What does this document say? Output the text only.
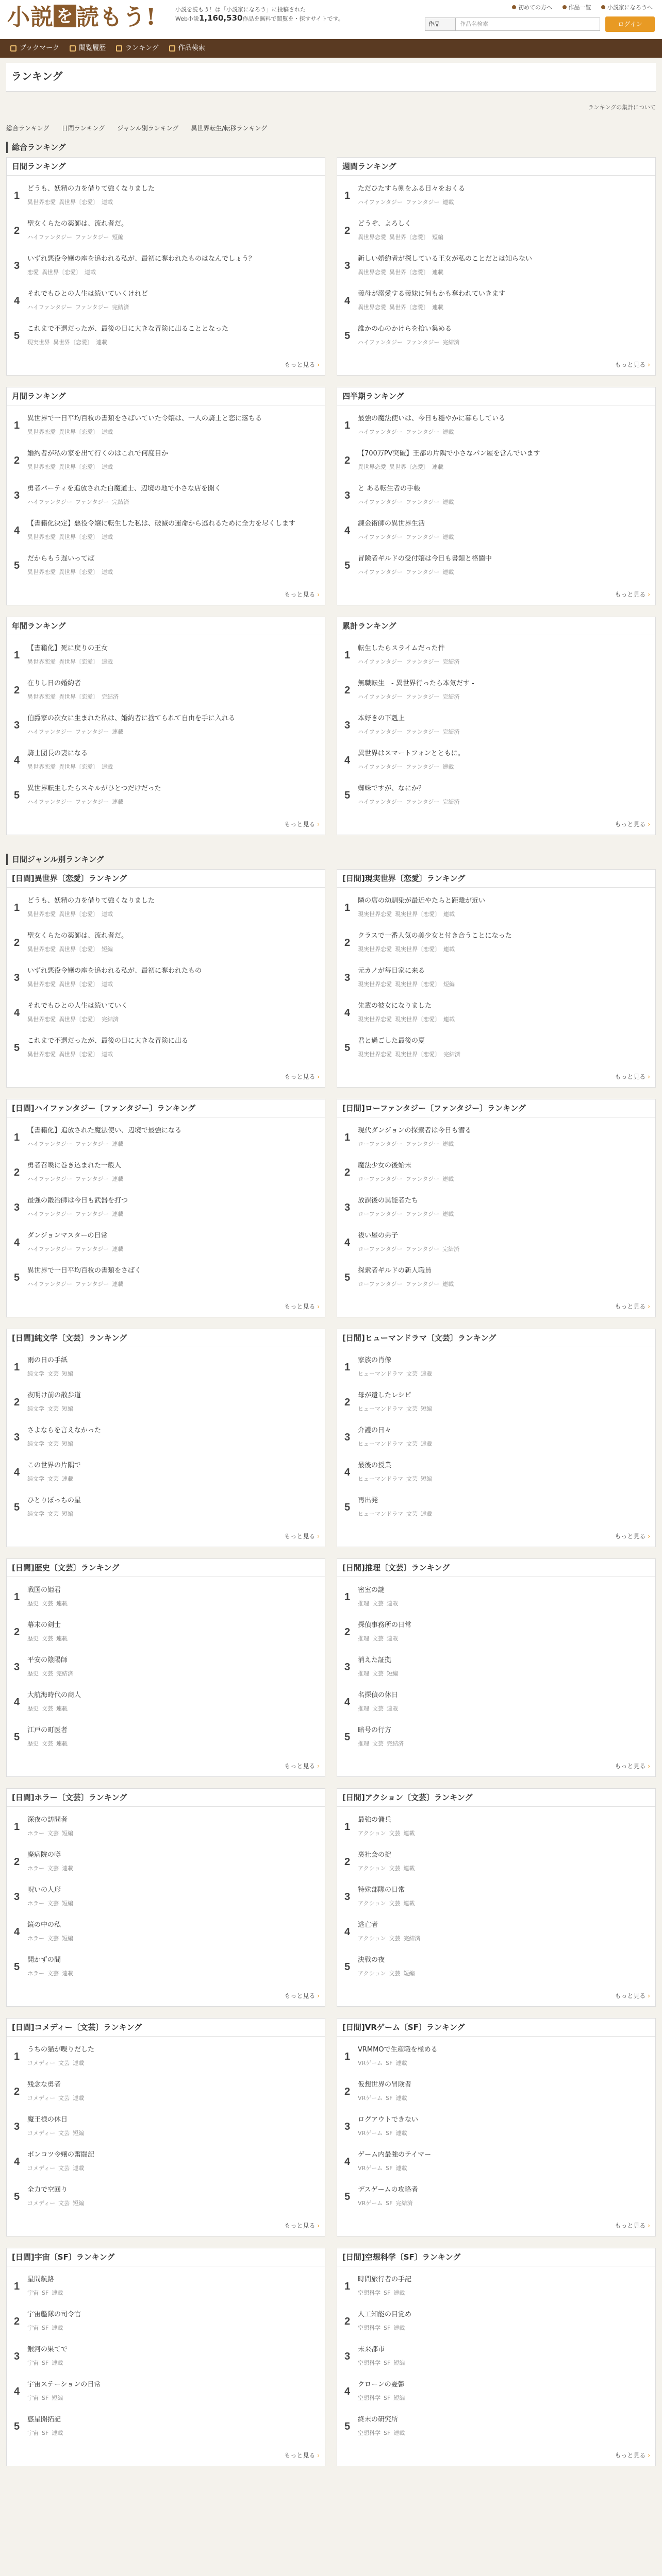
小説 を 読もう!	小説を読もう！は「小説家になろう」に投稿された
Web小説1,160,530作品を無料で閲覧を・探すサイトです。
初めての方へ	作品一覧	小説家になろうへ
作品	作品名検索	ログイン
ブックマーク	閲覧履歴	ランキング	作品検索
ランキング
ランキングの集計について
総合ランキング 日間ランキング ジャンル別ランキング 異世界転生/転移ランキング
総合ランキング
日間ランキング
1
どうも、妖精の力を借りて強くなりました
異世界恋愛 異世界〔恋愛〕 連載
2
聖女くらたの薬師は、流れ者だ。
ハイファンタジー ファンタジー 短編
3
いずれ悪役令嬢の座を追われる私が、最初に奪われたものはなんでしょう？
恋愛 異世界〔恋愛〕 連載
4
それでもひとの人生は続いていくけれど
ハイファンタジー ファンタジー 完結済
5
これまで不遇だったが、最後の日に大きな冒険に出ることとなった
現実世界 異世界〔恋愛〕 連載
もっと見る ›
週間ランキング
1
ただひたすら剣をふる日々をおくる
ハイファンタジー ファンタジー 連載
2
どうぞ、よろしく
異世界恋愛 異世界〔恋愛〕 短編
3
新しい婚約者が探している王女が私のことだとは知らない
異世界恋愛 異世界〔恋愛〕 連載
4
義母が溺愛する義妹に何もかも奪われていきます
異世界恋愛 異世界〔恋愛〕 連載
5
誰かの心のかけらを拾い集める
ハイファンタジー ファンタジー 完結済
もっと見る ›
月間ランキング
1
異世界で一日平均百枚の書類をさばいていた令嬢は、一人の騎士と恋に落ちる
異世界恋愛 異世界〔恋愛〕 連載
2
婚約者が私の家を出て行くのはこれで何度目か
異世界恋愛 異世界〔恋愛〕 連載
3
勇者パーティを追放された白魔道士、辺境の地で小さな店を開く
ハイファンタジー ファンタジー 完結済
4
【書籍化決定】悪役令嬢に転生した私は、破滅の運命から逃れるために全力を尽くします
異世界恋愛 異世界〔恋愛〕 連載
5
だからもう遅いってば
異世界恋愛 異世界〔恋愛〕 連載
もっと見る ›
四半期ランキング
1
最強の魔法使いは、今日も穏やかに暮らしている
ハイファンタジー ファンタジー 連載
2
【700万PV突破】王都の片隅で小さなパン屋を営んでいます
異世界恋愛 異世界〔恋愛〕 連載
3
と ある転生者の手帳
ハイファンタジー ファンタジー 連載
4
錬金術師の異世界生活
ハイファンタジー ファンタジー 連載
5
冒険者ギルドの受付嬢は今日も書類と格闘中
ハイファンタジー ファンタジー 連載
もっと見る ›
年間ランキング
1
【書籍化】死に戻りの王女
異世界恋愛 異世界〔恋愛〕 連載
2
在りし日の婚約者
異世界恋愛 異世界〔恋愛〕 完結済
3
伯爵家の次女に生まれた私は、婚約者に捨てられて自由を手に入れる
ハイファンタジー ファンタジー 連載
4
騎士団長の妻になる
異世界恋愛 異世界〔恋愛〕 連載
5
異世界転生したらスキルがひとつだけだった
ハイファンタジー ファンタジー 連載
もっと見る ›
累計ランキング
1
転生したらスライムだった件
ハイファンタジー ファンタジー 完結済
2
無職転生　- 異世界行ったら本気だす -
ハイファンタジー ファンタジー 完結済
3
本好きの下剋上
ハイファンタジー ファンタジー 完結済
4
異世界はスマートフォンとともに。
ハイファンタジー ファンタジー 連載
5
蜘蛛ですが、なにか？
ハイファンタジー ファンタジー 完結済
もっと見る ›
日間ジャンル別ランキング
[日間]異世界〔恋愛〕ランキング
1
どうも、妖精の力を借りて強くなりました
異世界恋愛 異世界〔恋愛〕 連載
2
聖女くらたの薬師は、流れ者だ。
異世界恋愛 異世界〔恋愛〕 短編
3
いずれ悪役令嬢の座を追われる私が、最初に奪われたもの
異世界恋愛 異世界〔恋愛〕 連載
4
それでもひとの人生は続いていく
異世界恋愛 異世界〔恋愛〕 完結済
5
これまで不遇だったが、最後の日に大きな冒険に出る
異世界恋愛 異世界〔恋愛〕 連載
もっと見る ›
[日間]現実世界〔恋愛〕ランキング
1
隣の席の幼馴染が最近やたらと距離が近い
現実世界恋愛 現実世界〔恋愛〕 連載
2
クラスで一番人気の美少女と付き合うことになった
現実世界恋愛 現実世界〔恋愛〕 連載
3
元カノが毎日家に来る
現実世界恋愛 現実世界〔恋愛〕 短編
4
先輩の彼女になりました
現実世界恋愛 現実世界〔恋愛〕 連載
5
君と過ごした最後の夏
現実世界恋愛 現実世界〔恋愛〕 完結済
もっと見る ›
[日間]ハイファンタジー〔ファンタジー〕ランキング
1
【書籍化】追放された魔法使い、辺境で最強になる
ハイファンタジー ファンタジー 連載
2
勇者召喚に巻き込まれた一般人
ハイファンタジー ファンタジー 連載
3
最強の鍛冶師は今日も武器を打つ
ハイファンタジー ファンタジー 連載
4
ダンジョンマスターの日常
ハイファンタジー ファンタジー 連載
5
異世界で一日平均百枚の書類をさばく
ハイファンタジー ファンタジー 連載
もっと見る ›
[日間]ローファンタジー〔ファンタジー〕ランキング
1
現代ダンジョンの探索者は今日も潜る
ローファンタジー ファンタジー 連載
2
魔法少女の後始末
ローファンタジー ファンタジー 連載
3
放課後の異能者たち
ローファンタジー ファンタジー 連載
4
祓い屋の弟子
ローファンタジー ファンタジー 完結済
5
探索者ギルドの新人職員
ローファンタジー ファンタジー 連載
もっと見る ›
[日間]純文学〔文芸〕ランキング
1
雨の日の手紙
純文学 文芸 短編
2
夜明け前の散歩道
純文学 文芸 短編
3
さよならを言えなかった
純文学 文芸 短編
4
この世界の片隅で
純文学 文芸 連載
5
ひとりぼっちの星
純文学 文芸 短編
もっと見る ›
[日間]ヒューマンドラマ〔文芸〕ランキング
1
家族の肖像
ヒューマンドラマ 文芸 連載
2
母が遺したレシピ
ヒューマンドラマ 文芸 短編
3
介護の日々
ヒューマンドラマ 文芸 連載
4
最後の授業
ヒューマンドラマ 文芸 短編
5
再出発
ヒューマンドラマ 文芸 連載
もっと見る ›
[日間]歴史〔文芸〕ランキング
1
戦国の姫君
歴史 文芸 連載
2
幕末の剣士
歴史 文芸 連載
3
平安の陰陽師
歴史 文芸 完結済
4
大航海時代の商人
歴史 文芸 連載
5
江戸の町医者
歴史 文芸 連載
もっと見る ›
[日間]推理〔文芸〕ランキング
1
密室の謎
推理 文芸 連載
2
探偵事務所の日常
推理 文芸 連載
3
消えた証拠
推理 文芸 短編
4
名探偵の休日
推理 文芸 連載
5
暗号の行方
推理 文芸 完結済
もっと見る ›
[日間]ホラー〔文芸〕ランキング
1
深夜の訪問者
ホラー 文芸 短編
2
廃病院の噂
ホラー 文芸 連載
3
呪いの人形
ホラー 文芸 短編
4
鏡の中の私
ホラー 文芸 短編
5
開かずの間
ホラー 文芸 連載
もっと見る ›
[日間]アクション〔文芸〕ランキング
1
最強の傭兵
アクション 文芸 連載
2
裏社会の掟
アクション 文芸 連載
3
特殊部隊の日常
アクション 文芸 連載
4
逃亡者
アクション 文芸 完結済
5
決戦の夜
アクション 文芸 短編
もっと見る ›
[日間]コメディー〔文芸〕ランキング
1
うちの猫が喋りだした
コメディー 文芸 連載
2
残念な勇者
コメディー 文芸 連載
3
魔王様の休日
コメディー 文芸 短編
4
ポンコツ令嬢の奮闘記
コメディー 文芸 連載
5
全力で空回り
コメディー 文芸 短編
もっと見る ›
[日間]VRゲーム〔SF〕ランキング
1
VRMMOで生産職を極める
VRゲーム SF 連載
2
仮想世界の冒険者
VRゲーム SF 連載
3
ログアウトできない
VRゲーム SF 連載
4
ゲーム内最強のテイマー
VRゲーム SF 連載
5
デスゲームの攻略者
VRゲーム SF 完結済
もっと見る ›
[日間]宇宙〔SF〕ランキング
1
星間航路
宇宙 SF 連載
2
宇宙艦隊の司令官
宇宙 SF 連載
3
銀河の果てで
宇宙 SF 連載
4
宇宙ステーションの日常
宇宙 SF 短編
5
惑星開拓記
宇宙 SF 連載
もっと見る ›
[日間]空想科学〔SF〕ランキング
1
時間旅行者の手記
空想科学 SF 連載
2
人工知能の目覚め
空想科学 SF 連載
3
未来都市
空想科学 SF 短編
4
クローンの憂鬱
空想科学 SF 短編
5
終末の研究所
空想科学 SF 連載
もっと見る ›
